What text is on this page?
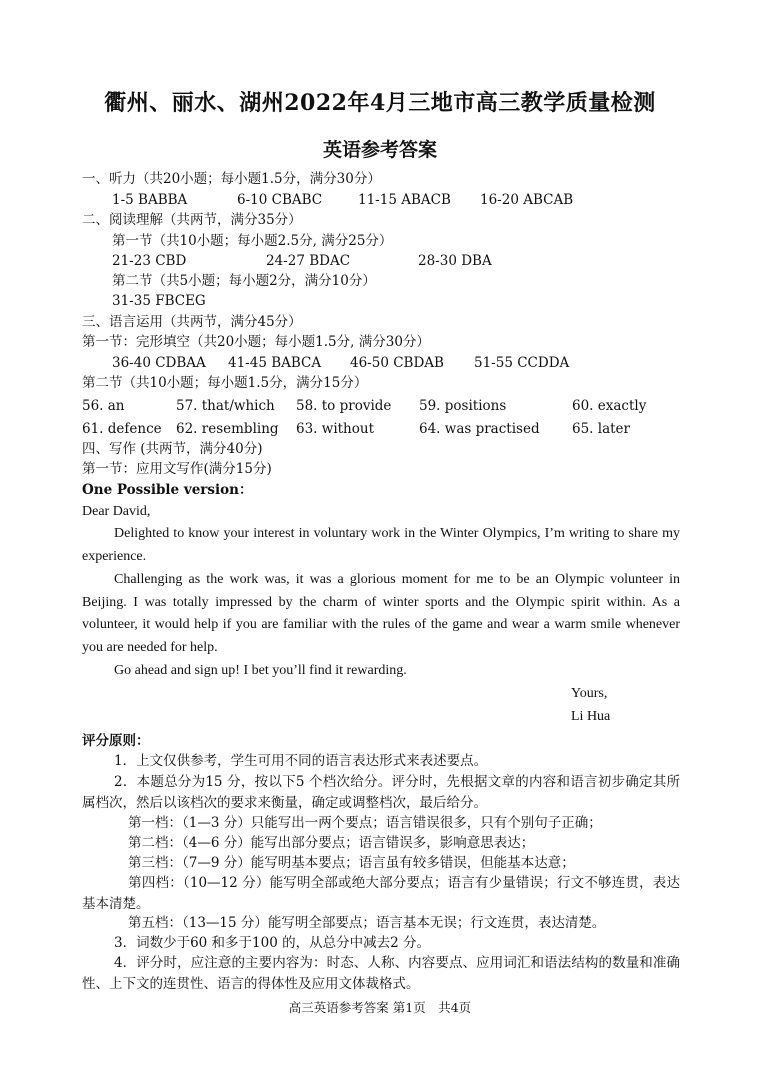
衢州、丽水、湖州2022年4月三地市高三教学质量检测
英语参考答案
一、听力（共20小题；每小题1.5分，满分30分）
1-5 BABBA	6-10 CBABC	11-15 ABACB 16-20 ABCAB
二、阅读理解（共两节，满分35分）
第一节（共10小题；每小题2.5分, 满分25分）
21-23 CBD	24-27 BDAC	28-30 DBA
第二节（共5小题；每小题2分，满分10分）
31-35 FBCEG
三、语言运用（共两节，满分45分）
第一节：完形填空（共20小题；每小题1.5分, 满分30分）
36-40 CDBAA 41-45 BABCA 46-50 CBDAB 51-55 CCDDA
第二节（共10小题；每小题1.5分，满分15分）
56. an	57. that/which 58. to provide 59. positions	60. exactly
61. defence 62. resembling 63. without	64. was practised 65. later
四、写作 (共两节，满分40分)
第一节：应用文写作(满分15分)
One Possible version：
Dear David,
Delighted to know your interest in voluntary work in the Winter Olympics, I’m writing to share my experience.
Challenging as the work was, it was a glorious moment for me to be an Olympic volunteer in Beijing. I was totally impressed by the charm of winter sports and the Olympic spirit within. As a volunteer, it would help if you are familiar with the rules of the game and wear a warm smile whenever you are needed for help.
Go ahead and sign up! I bet you’ll find it rewarding.
Yours,
Li Hua
评分原则：
1．上文仅供参考，学生可用不同的语言表达形式来表述要点。
2．本题总分为15 分，按以下5 个档次给分。评分时，先根据文章的内容和语言初步确定其所属档次，然后以该档次的要求来衡量，确定或调整档次，最后给分。
第一档：（1—3 分）只能写出一两个要点；语言错误很多，只有个别句子正确；
第二档：（4—6 分）能写出部分要点；语言错误多，影响意思表达；
第三档：（7—9 分）能写明基本要点；语言虽有较多错误，但能基本达意；
第四档：（10—12 分）能写明全部或绝大部分要点；语言有少量错误；行文不够连贯，表达基本清楚。
第五档：（13—15 分）能写明全部要点；语言基本无误；行文连贯，表达清楚。
3．词数少于60 和多于100 的，从总分中减去2 分。
4．评分时，应注意的主要内容为：时态、人称、内容要点、应用词汇和语法结构的数量和准确性、上下文的连贯性、语言的得体性及应用文体裁格式。
高三英语参考答案 第1页　共4页
